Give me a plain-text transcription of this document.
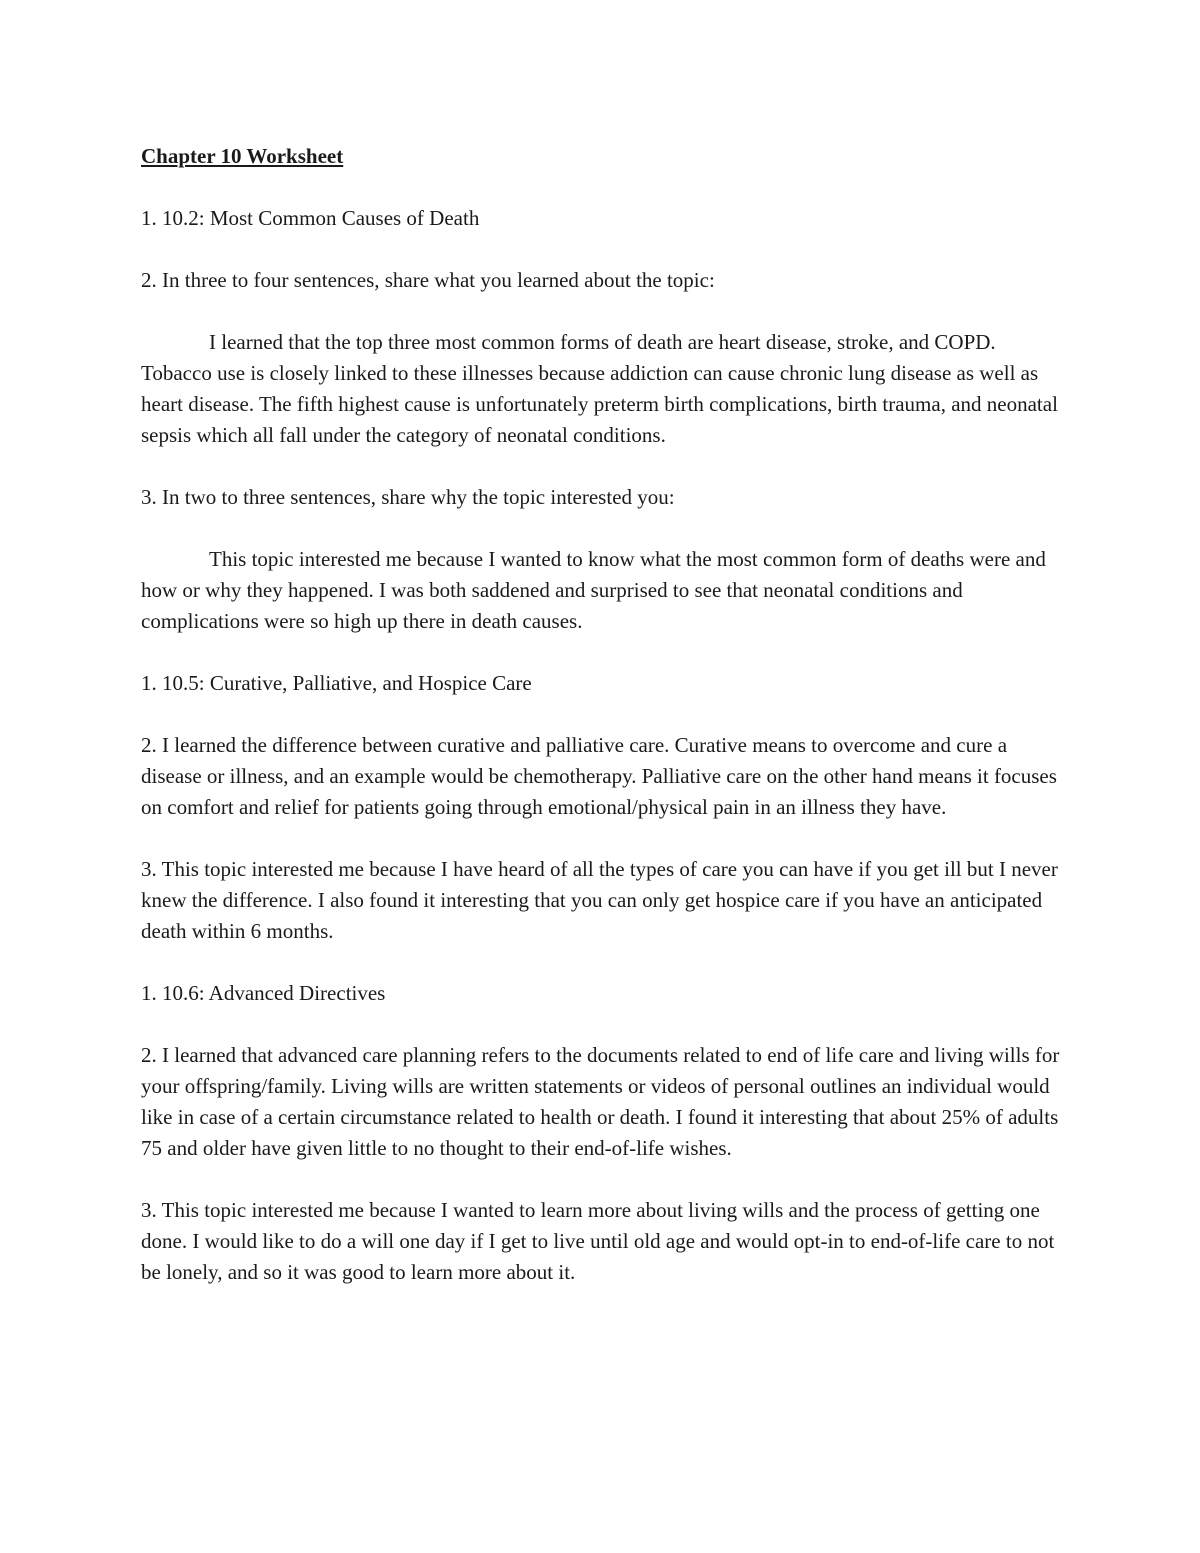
Chapter 10 Worksheet
1. 10.2: Most Common Causes of Death
2. In three to four sentences, share what you learned about the topic:
I learned that the top three most common forms of death are heart disease, stroke, and COPD. Tobacco use is closely linked to these illnesses because addiction can cause chronic lung disease as well as heart disease. The fifth highest cause is unfortunately preterm birth complications, birth trauma, and neonatal sepsis which all fall under the category of neonatal conditions.
3. In two to three sentences, share why the topic interested you:
This topic interested me because I wanted to know what the most common form of deaths were and how or why they happened. I was both saddened and surprised to see that neonatal conditions and complications were so high up there in death causes.
1. 10.5: Curative, Palliative, and Hospice Care
2. I learned the difference between curative and palliative care. Curative means to overcome and cure a disease or illness, and an example would be chemotherapy. Palliative care on the other hand means it focuses on comfort and relief for patients going through emotional/physical pain in an illness they have.
3. This topic interested me because I have heard of all the types of care you can have if you get ill but I never knew the difference. I also found it interesting that you can only get hospice care if you have an anticipated death within 6 months.
1. 10.6: Advanced Directives
2. I learned that advanced care planning refers to the documents related to end of life care and living wills for your offspring/family. Living wills are written statements or videos of personal outlines an individual would like in case of a certain circumstance related to health or death. I found it interesting that about 25% of adults 75 and older have given little to no thought to their end-of-life wishes.
3. This topic interested me because I wanted to learn more about living wills and the process of getting one done. I would like to do a will one day if I get to live until old age and would opt-in to end-of-life care to not be lonely, and so it was good to learn more about it.
